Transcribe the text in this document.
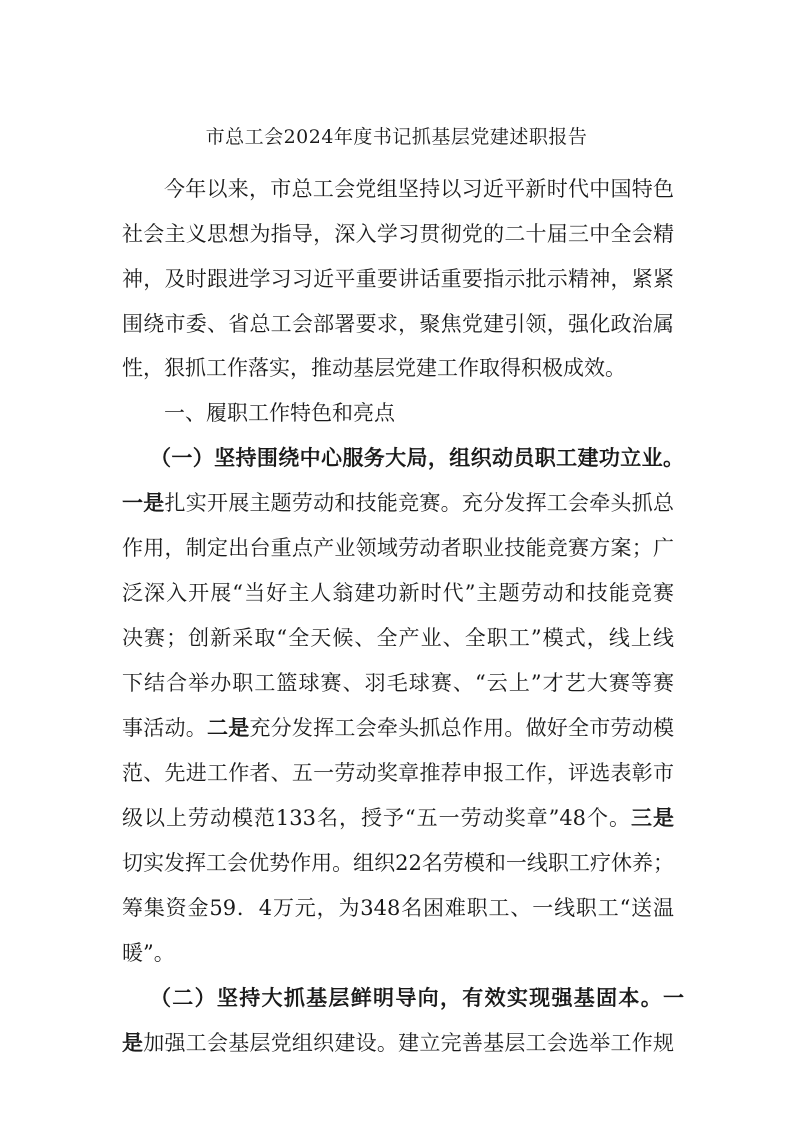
市总工会2024年度书记抓基层党建述职报告
今年以来，市总工会党组坚持以习近平新时代中国特色
社会主义思想为指导，深入学习贯彻党的二十届三中全会精
神，及时跟进学习习近平重要讲话重要指示批示精神，紧紧
围绕市委、省总工会部署要求，聚焦党建引领，强化政治属
性，狠抓工作落实，推动基层党建工作取得积极成效。
一、履职工作特色和亮点
（一）坚持围绕中心服务大局，组织动员职工建功立业。
一是扎实开展主题劳动和技能竞赛。充分发挥工会牵头抓总
作用，制定出台重点产业领域劳动者职业技能竞赛方案；广
泛深入开展“当好主人翁建功新时代”主题劳动和技能竞赛
决赛；创新采取“全天候、全产业、全职工”模式，线上线
下结合举办职工篮球赛、羽毛球赛、“云上”才艺大赛等赛
事活动。二是充分发挥工会牵头抓总作用。做好全市劳动模
范、先进工作者、五一劳动奖章推荐申报工作，评选表彰市
级以上劳动模范133名，授予“五一劳动奖章”48个。三是
切实发挥工会优势作用。组织22名劳模和一线职工疗休养；
筹集资金59．4万元，为348名困难职工、一线职工“送温
暖”。
（二）坚持大抓基层鲜明导向，有效实现强基固本。一
是加强工会基层党组织建设。建立完善基层工会选举工作规
